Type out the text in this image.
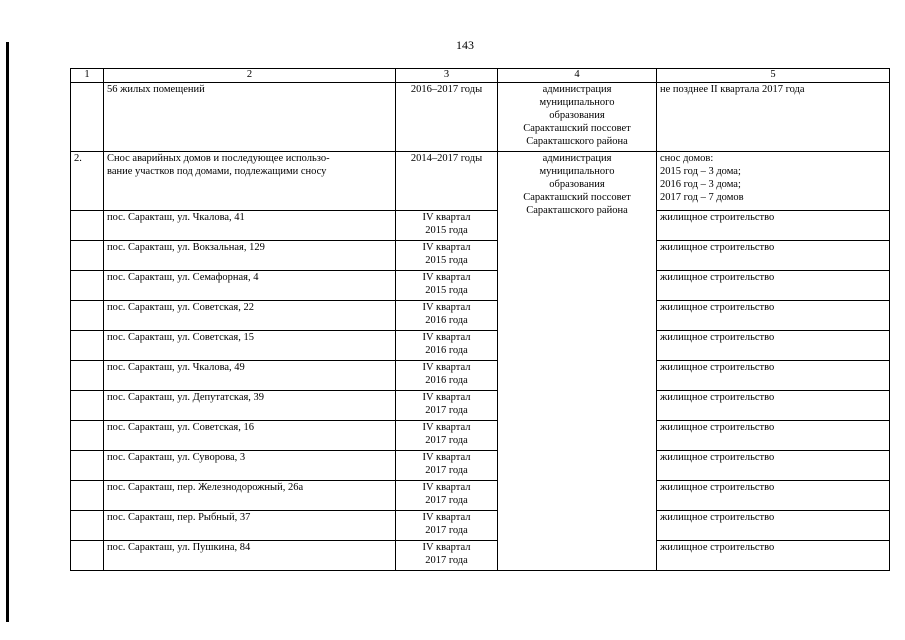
143
1	2	3	4	5
	56 жилых помещений	2016–2017 годы	администрация
муниципального
образования
Саракташский поссовет
Саракташского района	не позднее II квартала 2017 года
2.	Снос аварийных домов и последующее использо-
вание участков под домами, подлежащими сносу	2014–2017 годы	администрация
муниципального
образования
Саракташский поссовет
Саракташского района	снос домов:
2015 год – 3 дома;
2016 год – 3 дома;
2017 год – 7 домов
	пос. Саракташ, ул. Чкалова, 41	IV квартал
2015 года		жилищное строительство
	пос. Саракташ, ул. Вокзальная, 129	IV квартал
2015 года		жилищное строительство
	пос. Саракташ, ул. Семафорная, 4	IV квартал
2015 года		жилищное строительство
	пос. Саракташ, ул. Советская, 22	IV квартал
2016 года		жилищное строительство
	пос. Саракташ, ул. Советская, 15	IV квартал
2016 года		жилищное строительство
	пос. Саракташ, ул. Чкалова, 49	IV квартал
2016 года		жилищное строительство
	пос. Саракташ, ул. Депутатская, 39	IV квартал
2017 года		жилищное строительство
	пос. Саракташ, ул. Советская, 16	IV квартал
2017 года		жилищное строительство
	пос. Саракташ, ул. Суворова, 3	IV квартал
2017 года		жилищное строительство
	пос. Саракташ, пер. Железнодорожный, 26а	IV квартал
2017 года		жилищное строительство
	пос. Саракташ, пер. Рыбный, 37	IV квартал
2017 года		жилищное строительство
	пос. Саракташ, ул. Пушкина, 84	IV квартал
2017 года		жилищное строительство
